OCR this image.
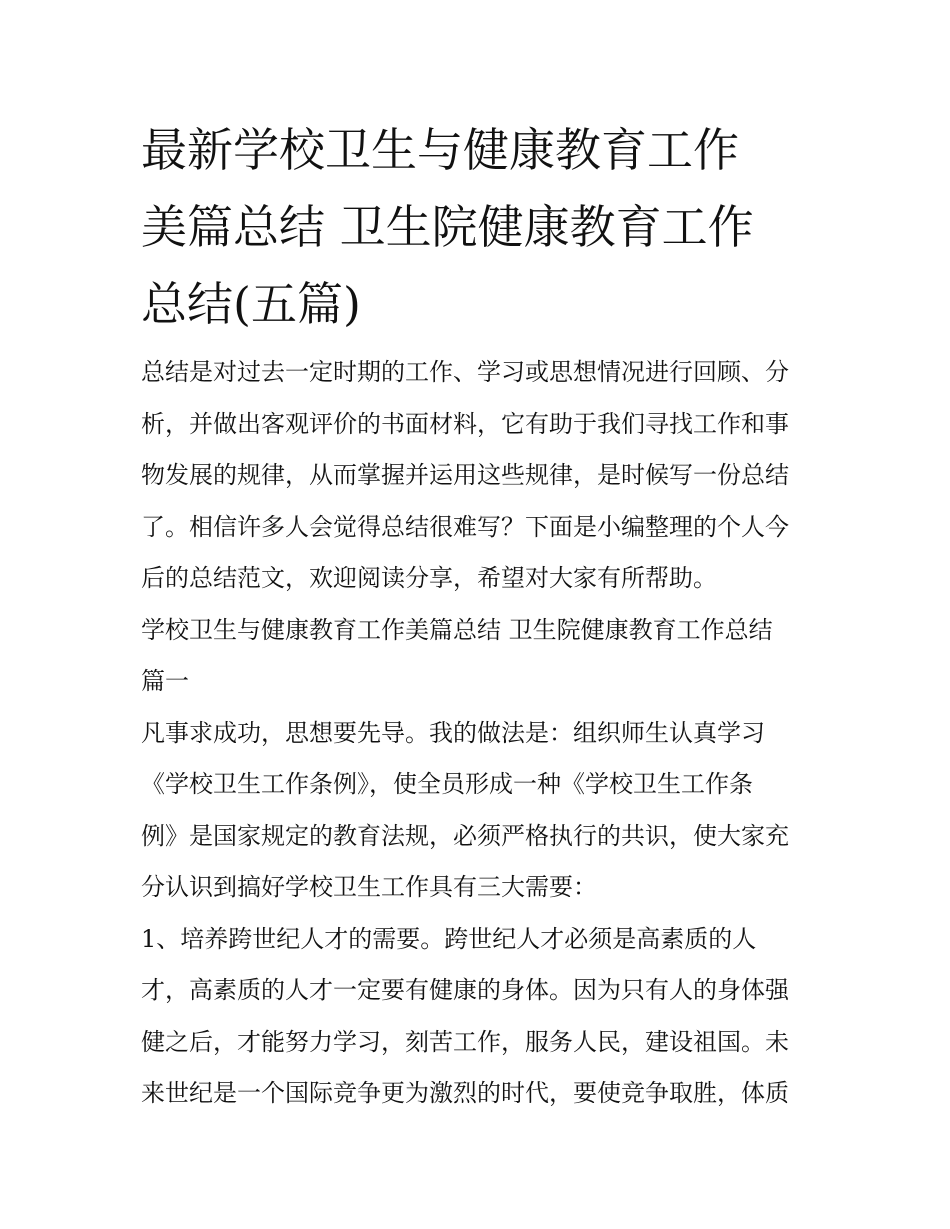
最新学校卫生与健康教育工作
美篇总结 卫生院健康教育工作
总结(五篇)

总结是对过去一定时期的工作、学习或思想情况进行回顾、分
析，并做出客观评价的书面材料，它有助于我们寻找工作和事
物发展的规律，从而掌握并运用这些规律，是时候写一份总结
了。相信许多人会觉得总结很难写？下面是小编整理的个人今
后的总结范文，欢迎阅读分享，希望对大家有所帮助。

学校卫生与健康教育工作美篇总结 卫生院健康教育工作总结
篇一

凡事求成功，思想要先导。我的做法是：组织师生认真学习
《学校卫生工作条例》，使全员形成一种《学校卫生工作条
例》是国家规定的教育法规，必须严格执行的共识，使大家充
分认识到搞好学校卫生工作具有三大需要：

1、培养跨世纪人才的需要。跨世纪人才必须是高素质的人
才，高素质的人才一定要有健康的身体。因为只有人的身体强
健之后，才能努力学习，刻苦工作，服务人民，建设祖国。未
来世纪是一个国际竞争更为激烈的时代，要使竞争取胜，体质
